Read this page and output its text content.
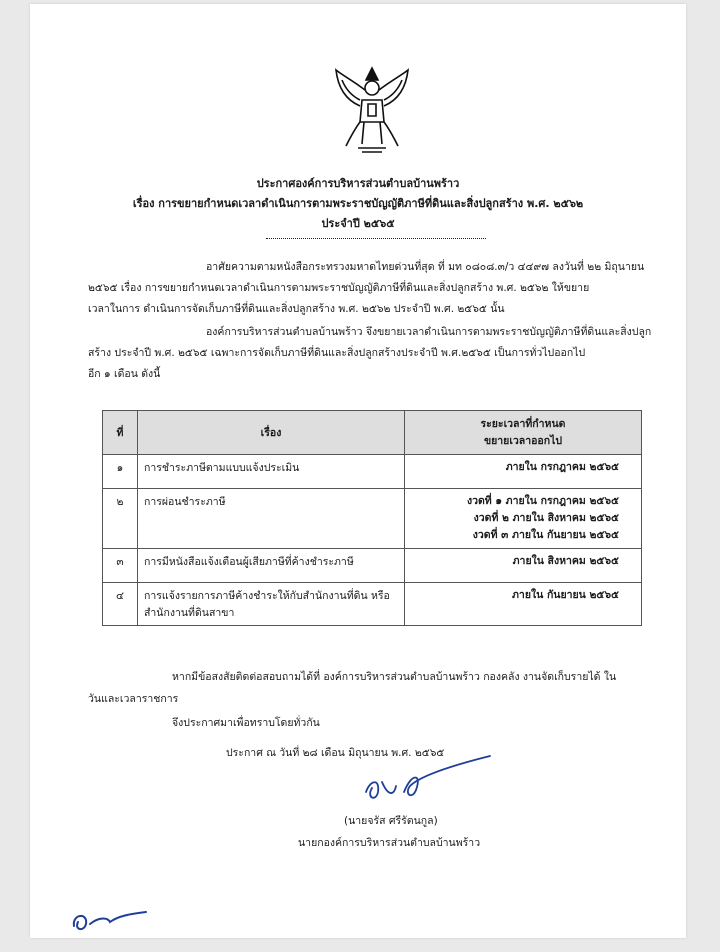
ประกาศองค์การบริหารส่วนตำบลบ้านพร้าว
เรื่อง การขยายกำหนดเวลาดำเนินการตามพระราชบัญญัติภาษีที่ดินและสิ่งปลูกสร้าง พ.ศ. ๒๕๖๒
ประจำปี ๒๕๖๕
อาศัยความตามหนังสือกระทรวงมหาดไทยด่วนที่สุด ที่ มท ๐๘๐๘.๓/ว ๔๔๙๗ ลงวันที่ ๒๒ มิถุนายน
๒๕๖๕ เรื่อง การขยายกำหนดเวลาดำเนินการตามพระราชบัญญัติภาษีที่ดินและสิ่งปลูกสร้าง พ.ศ. ๒๕๖๒ ให้ขยาย
เวลาในการ ดำเนินการจัดเก็บภาษีที่ดินและสิ่งปลูกสร้าง พ.ศ. ๒๕๖๒ ประจำปี พ.ศ. ๒๕๖๕ นั้น
องค์การบริหารส่วนตำบลบ้านพร้าว จึงขยายเวลาดำเนินการตามพระราชบัญญัติภาษีที่ดินและสิ่งปลูก
สร้าง ประจำปี พ.ศ. ๒๕๖๕ เฉพาะการจัดเก็บภาษีที่ดินและสิ่งปลูกสร้างประจำปี พ.ศ.๒๕๖๕ เป็นการทั่วไปออกไป
อีก ๑ เดือน ดังนี้
ที่	เรื่อง	ระยะเวลาที่กำหนด
ขยายเวลาออกไป

๑	การชำระภาษีตามแบบแจ้งประเมิน	ภายใน กรกฎาคม ๒๕๖๕

๒	การผ่อนชำระภาษี	งวดที่ ๑ ภายใน กรกฎาคม ๒๕๖๕
งวดที่ ๒ ภายใน สิงหาคม ๒๕๖๕
งวดที่ ๓ ภายใน กันยายน ๒๕๖๕

๓	การมีหนังสือแจ้งเตือนผู้เสียภาษีที่ค้างชำระภาษี	ภายใน สิงหาคม ๒๕๖๕

๔	การแจ้งรายการภาษีค้างชำระให้กับสำนักงานที่ดิน หรือสำนักงานที่ดินสาขา	ภายใน กันยายน ๒๕๖๕
หากมีข้อสงสัยติดต่อสอบถามได้ที่ องค์การบริหารส่วนตำบลบ้านพร้าว กองคลัง งานจัดเก็บรายได้ ใน
วันและเวลาราชการ
จึงประกาศมาเพื่อทราบโดยทั่วกัน
ประกาศ ณ วันที่ ๒๘ เดือน มิถุนายน พ.ศ. ๒๕๖๕
(นายจรัส ศรีรัตนกูล)
นายกองค์การบริหารส่วนตำบลบ้านพร้าว
